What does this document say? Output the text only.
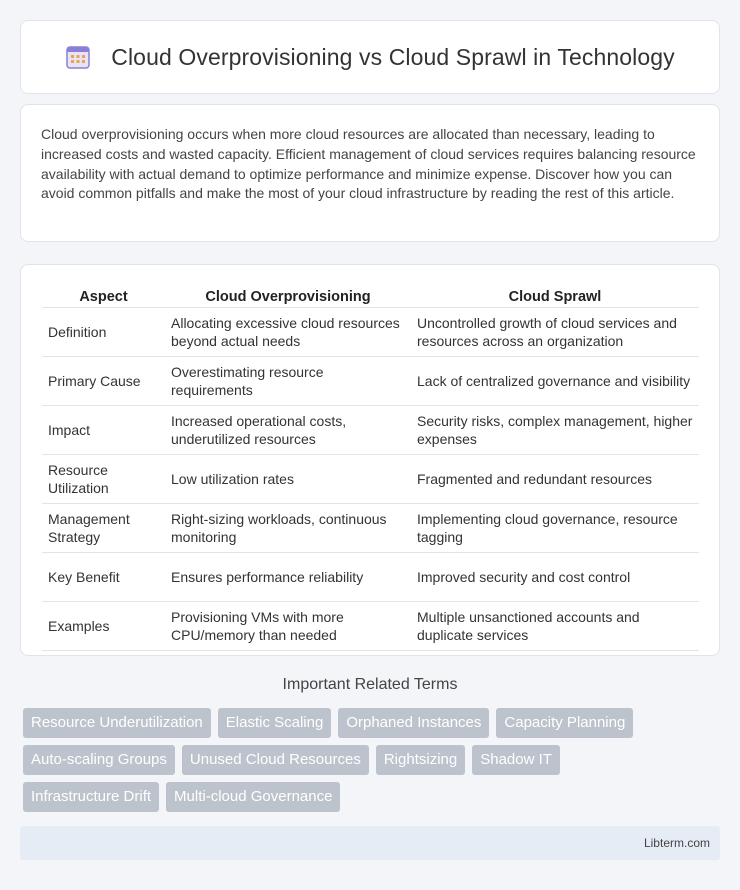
Cloud Overprovisioning vs Cloud Sprawl in Technology

Cloud overprovisioning occurs when more cloud resources are allocated than necessary, leading to increased costs and wasted capacity. Efficient management of cloud services requires balancing resource availability with actual demand to optimize performance and minimize expense. Discover how you can avoid common pitfalls and make the most of your cloud infrastructure by reading the rest of this article.

Aspect	Cloud Overprovisioning	Cloud Sprawl
Definition	Allocating excessive cloud resources beyond actual needs	Uncontrolled growth of cloud services and resources across an organization
Primary Cause	Overestimating resource requirements	Lack of centralized governance and visibility
Impact	Increased operational costs, underutilized resources	Security risks, complex management, higher expenses
Resource Utilization	Low utilization rates	Fragmented and redundant resources
Management Strategy	Right-sizing workloads, continuous monitoring	Implementing cloud governance, resource tagging
Key Benefit	Ensures performance reliability	Improved security and cost control
Examples	Provisioning VMs with more CPU/memory than needed	Multiple unsanctioned accounts and duplicate services
Important Related Terms
Resource Underutilization	Elastic Scaling	Orphaned Instances	Capacity Planning
Auto-scaling Groups	Unused Cloud Resources	Rightsizing	Shadow IT
Infrastructure Drift	Multi-cloud Governance
Libterm.com
